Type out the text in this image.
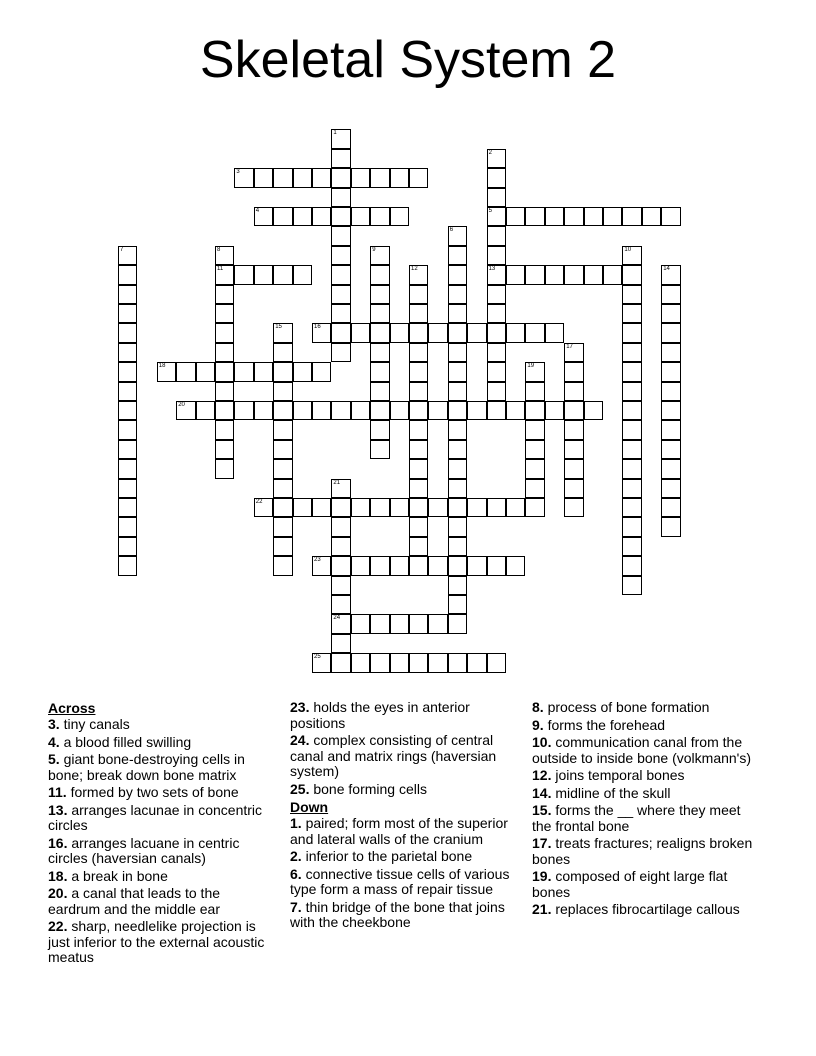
Skeletal System 2
3
4	5
11	13
16
18
20
22
23
24
25
1
2
6
7	8	9	10
12	14
15
17
19
21
Across
3. tiny canals
4. a blood filled swilling
5. giant bone-destroying cells in bone; break down bone matrix
11. formed by two sets of bone
13. arranges lacunae in concentric circles
16. arranges lacuane in centric circles (haversian canals)
18. a break in bone
20. a canal that leads to the eardrum and the middle ear
22. sharp, needlelike projection is just inferior to the external acoustic meatus
23. holds the eyes in anterior positions
24. complex consisting of central canal and matrix rings (haversian system)
25. bone forming cells
Down
1. paired; form most of the superior and lateral walls of the cranium
2. inferior to the parietal bone
6. connective tissue cells of various type form a mass of repair tissue
7. thin bridge of the bone that joins with the cheekbone
8. process of bone formation
9. forms the forehead
10. communication canal from the outside to inside bone (volkmann's)
12. joins temporal bones
14. midline of the skull
15. forms the __ where they meet the frontal bone
17. treats fractures; realigns broken bones
19. composed of eight large flat bones
21. replaces fibrocartilage callous
